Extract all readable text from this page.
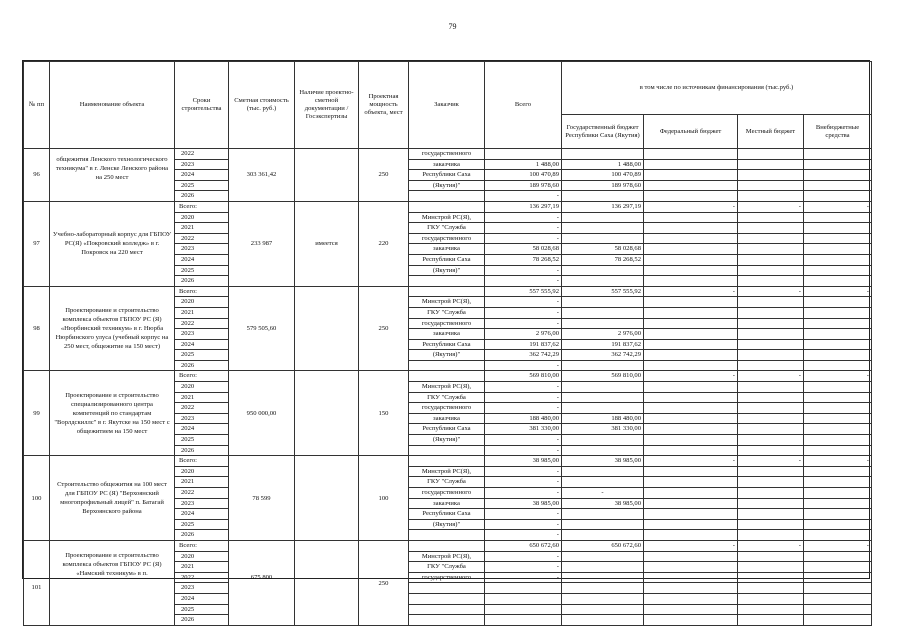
79
№ пп	Наименование объекта	Сроки строительства	Сметная стоимость (тыс. руб.)	Наличие проектно-сметной документации /Госэкспертизы	Проектная мощность объекта, мест	Заказчик	Всего	в том числе по источникам финансирования (тыс.руб.)			
								Государственный бюджет Республики Саха (Якутия)	Федеральный бюджет	Местный бюджет	Внебюджетные средства
96	общежития Ленского технологического техникума" в г. Ленске Ленского района на 250 мест	2022	303 361,42		250	государственного					
		2023				заказчика	1 488,00	1 488,00			
		2024				Республики Саха	100 470,89	100 470,89			
		2025				(Якутия)"	189 978,60	189 978,60			
		2026					-				
97	Учебно-лабораторный корпус для ГБПОУ РС(Я) «Покровский колледж» в г. Покровск на 220 мест	Всего:	233 987	имеется	220		136 297,19	136 297,19	-	-	-
		2020				Минстрой РС(Я),	-				
		2021				ГКУ "Служба	-				
		2022				государственного	-				
		2023				заказчика	58 028,68	58 028,68			
		2024				Республики Саха	78 268,52	78 268,52			
		2025				(Якутия)"	-				
		2026					-				
98	Проектирование и строительство комплекса объектов ГБПОУ РС (Я) «Нюрбинский техникум» в г. Нюрба Нюрбинского улуса (учебный корпус на 250 мест, общежитие на 150 мест)	Всего:	579 505,60		250		557 555,92	557 555,92	-	-	-
		2020				Минстрой РС(Я),	-				
		2021				ГКУ "Служба	-				
		2022				государственного	-				
		2023				заказчика	2 976,00	2 976,00			
		2024				Республики Саха	191 837,62	191 837,62			
		2025				(Якутия)"	362 742,29	362 742,29			
		2026					-				
99	Проектирование и строительство специализированного центра компетенций по стандартам "Ворлдскиллс" в г. Якутске на 150 мест с общежитием на 150 мест	Всего:	950 000,00		150		569 810,00	569 810,00	-	-	-
		2020				Минстрой РС(Я),	-				
		2021				ГКУ "Служба	-				
		2022				государственного	-				
		2023				заказчика	188 480,00	188 480,00			
		2024				Республики Саха	381 330,00	381 330,00			
		2025				(Якутия)"	-				
		2026					-				
100	Строительство общежития на 100 мест для ГБПОУ РС (Я) "Верхоянский многопрофильный лицей" п. Батагай Верхоянского района	Всего:	78 599		100		38 985,00	38 985,00	-	-	-
		2020				Минстрой РС(Я),	-				
		2021				ГКУ "Служба	-				
		2022				государственного	-	-			
		2023				заказчика	38 985,00	38 985,00			
		2024				Республики Саха	-				
		2025				(Якутия)"	-				
		2026					-				
101	Проектирование и строительство комплекса объектов ГБПОУ РС (Я) «Намский техникум» в п.	Всего:	675 800		250		650 672,60	650 672,60	-	-	-
		2020				Минстрой РС(Я),	-				
		2021				ГКУ "Служба	-				
		2022				государственного	-				
		2023									
		2024									
		2025									
		2026									
